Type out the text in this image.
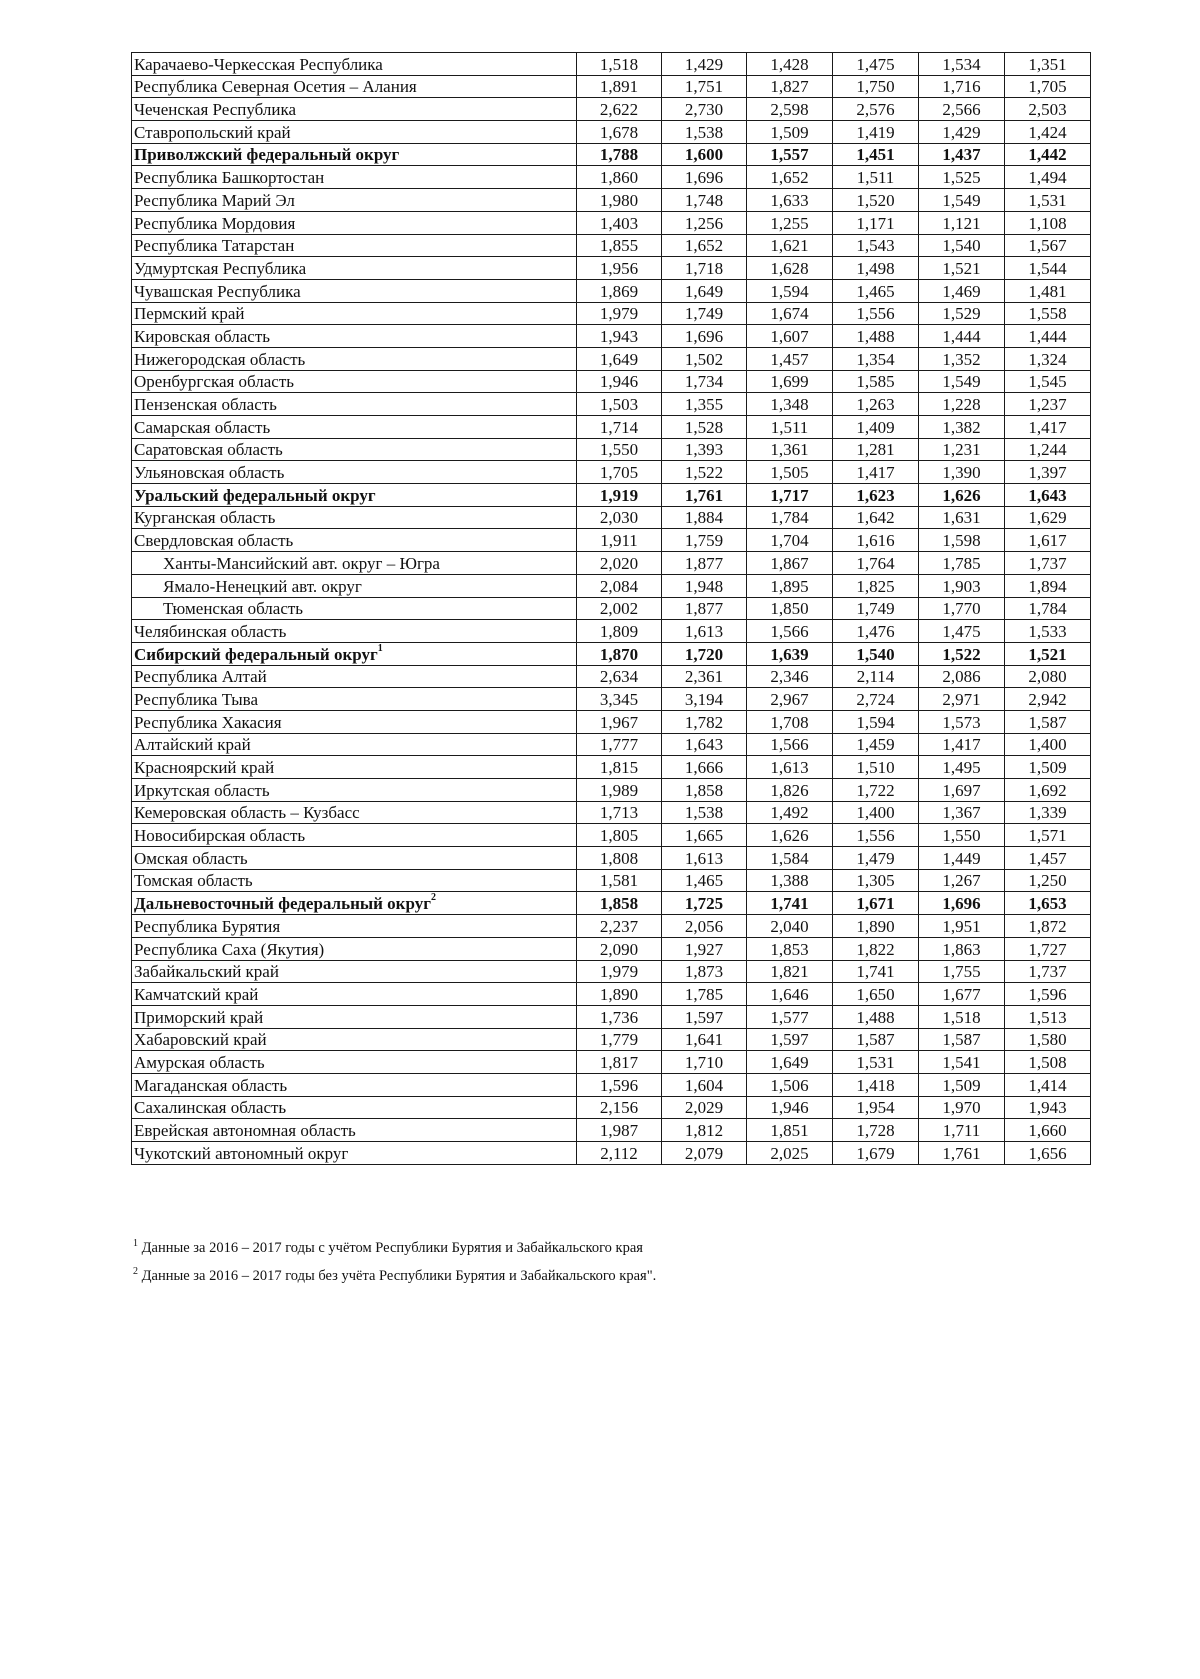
Карачаево-Черкесская Республика	1,518	1,429	1,428	1,475	1,534	1,351
Республика Северная Осетия – Алания	1,891	1,751	1,827	1,750	1,716	1,705
Чеченская Республика	2,622	2,730	2,598	2,576	2,566	2,503
Ставропольский край	1,678	1,538	1,509	1,419	1,429	1,424
Приволжский федеральный округ	1,788	1,600	1,557	1,451	1,437	1,442
Республика Башкортостан	1,860	1,696	1,652	1,511	1,525	1,494
Республика Марий Эл	1,980	1,748	1,633	1,520	1,549	1,531
Республика Мордовия	1,403	1,256	1,255	1,171	1,121	1,108
Республика Татарстан	1,855	1,652	1,621	1,543	1,540	1,567
Удмуртская Республика	1,956	1,718	1,628	1,498	1,521	1,544
Чувашская Республика	1,869	1,649	1,594	1,465	1,469	1,481
Пермский край	1,979	1,749	1,674	1,556	1,529	1,558
Кировская область	1,943	1,696	1,607	1,488	1,444	1,444
Нижегородская область	1,649	1,502	1,457	1,354	1,352	1,324
Оренбургская область	1,946	1,734	1,699	1,585	1,549	1,545
Пензенская область	1,503	1,355	1,348	1,263	1,228	1,237
Самарская область	1,714	1,528	1,511	1,409	1,382	1,417
Саратовская область	1,550	1,393	1,361	1,281	1,231	1,244
Ульяновская область	1,705	1,522	1,505	1,417	1,390	1,397
Уральский федеральный округ	1,919	1,761	1,717	1,623	1,626	1,643
Курганская область	2,030	1,884	1,784	1,642	1,631	1,629
Свердловская область	1,911	1,759	1,704	1,616	1,598	1,617
Ханты-Мансийский авт. округ – Югра	2,020	1,877	1,867	1,764	1,785	1,737
Ямало-Ненецкий авт. округ	2,084	1,948	1,895	1,825	1,903	1,894
Тюменская область	2,002	1,877	1,850	1,749	1,770	1,784
Челябинская область	1,809	1,613	1,566	1,476	1,475	1,533
Сибирский федеральный округ$^1$	1,870	1,720	1,639	1,540	1,522	1,521
Республика Алтай	2,634	2,361	2,346	2,114	2,086	2,080
Республика Тыва	3,345	3,194	2,967	2,724	2,971	2,942
Республика Хакасия	1,967	1,782	1,708	1,594	1,573	1,587
Алтайский край	1,777	1,643	1,566	1,459	1,417	1,400
Красноярский край	1,815	1,666	1,613	1,510	1,495	1,509
Иркутская область	1,989	1,858	1,826	1,722	1,697	1,692
Кемеровская область – Кузбасс	1,713	1,538	1,492	1,400	1,367	1,339
Новосибирская область	1,805	1,665	1,626	1,556	1,550	1,571
Омская область	1,808	1,613	1,584	1,479	1,449	1,457
Томская область	1,581	1,465	1,388	1,305	1,267	1,250
Дальневосточный федеральный округ$^2$	1,858	1,725	1,741	1,671	1,696	1,653
Республика Бурятия	2,237	2,056	2,040	1,890	1,951	1,872
Республика Саха (Якутия)	2,090	1,927	1,853	1,822	1,863	1,727
Забайкальский край	1,979	1,873	1,821	1,741	1,755	1,737
Камчатский край	1,890	1,785	1,646	1,650	1,677	1,596
Приморский край	1,736	1,597	1,577	1,488	1,518	1,513
Хабаровский край	1,779	1,641	1,597	1,587	1,587	1,580
Амурская область	1,817	1,710	1,649	1,531	1,541	1,508
Магаданская область	1,596	1,604	1,506	1,418	1,509	1,414
Сахалинская область	2,156	2,029	1,946	1,954	1,970	1,943
Еврейская автономная область	1,987	1,812	1,851	1,728	1,711	1,660
Чукотский автономный округ	2,112	2,079	2,025	1,679	1,761	1,656
$^1$ Данные за 2016 – 2017 годы с учётом Республики Бурятия и Забайкальского края
$^2$ Данные за 2016 – 2017 годы без учёта Республики Бурятия и Забайкальского края".
